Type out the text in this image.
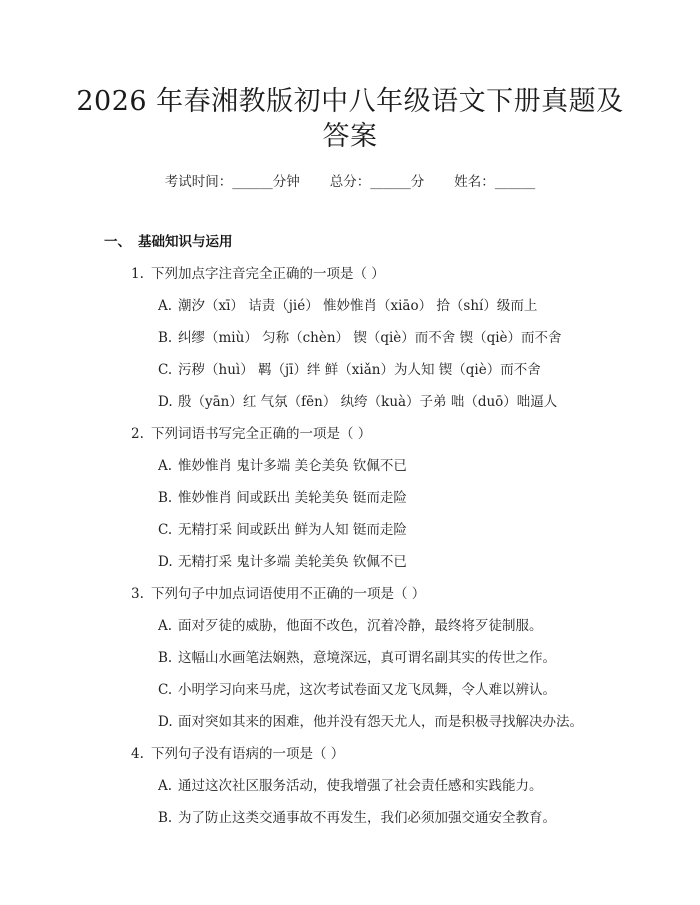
2026 年春湘教版初中八年级语文下册真题及
答案
考试时间：______分钟 总分：______分 姓名：______
一、 基础知识与运用
1. 下列加点字注音完全正确的一项是（ ）
A. 潮汐（xī） 诘责（jié） 惟妙惟肖（xiāo） 拾（shí）级而上
B. 纠缪（miù） 匀称（chèn） 锲（qiè）而不舍 锲（qiè）而不舍
C. 污秽（huì） 羁（jī）绊 鲜（xiǎn）为人知 锲（qiè）而不舍
D. 殷（yān）红 气氛（fēn） 纨绔（kuà）子弟 咄（duō）咄逼人
2. 下列词语书写完全正确的一项是（ ）
A. 惟妙惟肖 鬼计多端 美仑美奂 钦佩不已
B. 惟妙惟肖 间或跃出 美轮美奂 铤而走险
C. 无精打采 间或跃出 鲜为人知 铤而走险
D. 无精打采 鬼计多端 美轮美奂 钦佩不已
3. 下列句子中加点词语使用不正确的一项是（ ）
A. 面对歹徒的威胁，他面不改色，沉着冷静，最终将歹徒制服。
B. 这幅山水画笔法娴熟，意境深远，真可谓名副其实的传世之作。
C. 小明学习向来马虎，这次考试卷面又龙飞凤舞，令人难以辨认。
D. 面对突如其来的困难，他并没有怨天尤人，而是积极寻找解决办法。
4. 下列句子没有语病的一项是（ ）
A. 通过这次社区服务活动，使我增强了社会责任感和实践能力。
B. 为了防止这类交通事故不再发生，我们必须加强交通安全教育。
